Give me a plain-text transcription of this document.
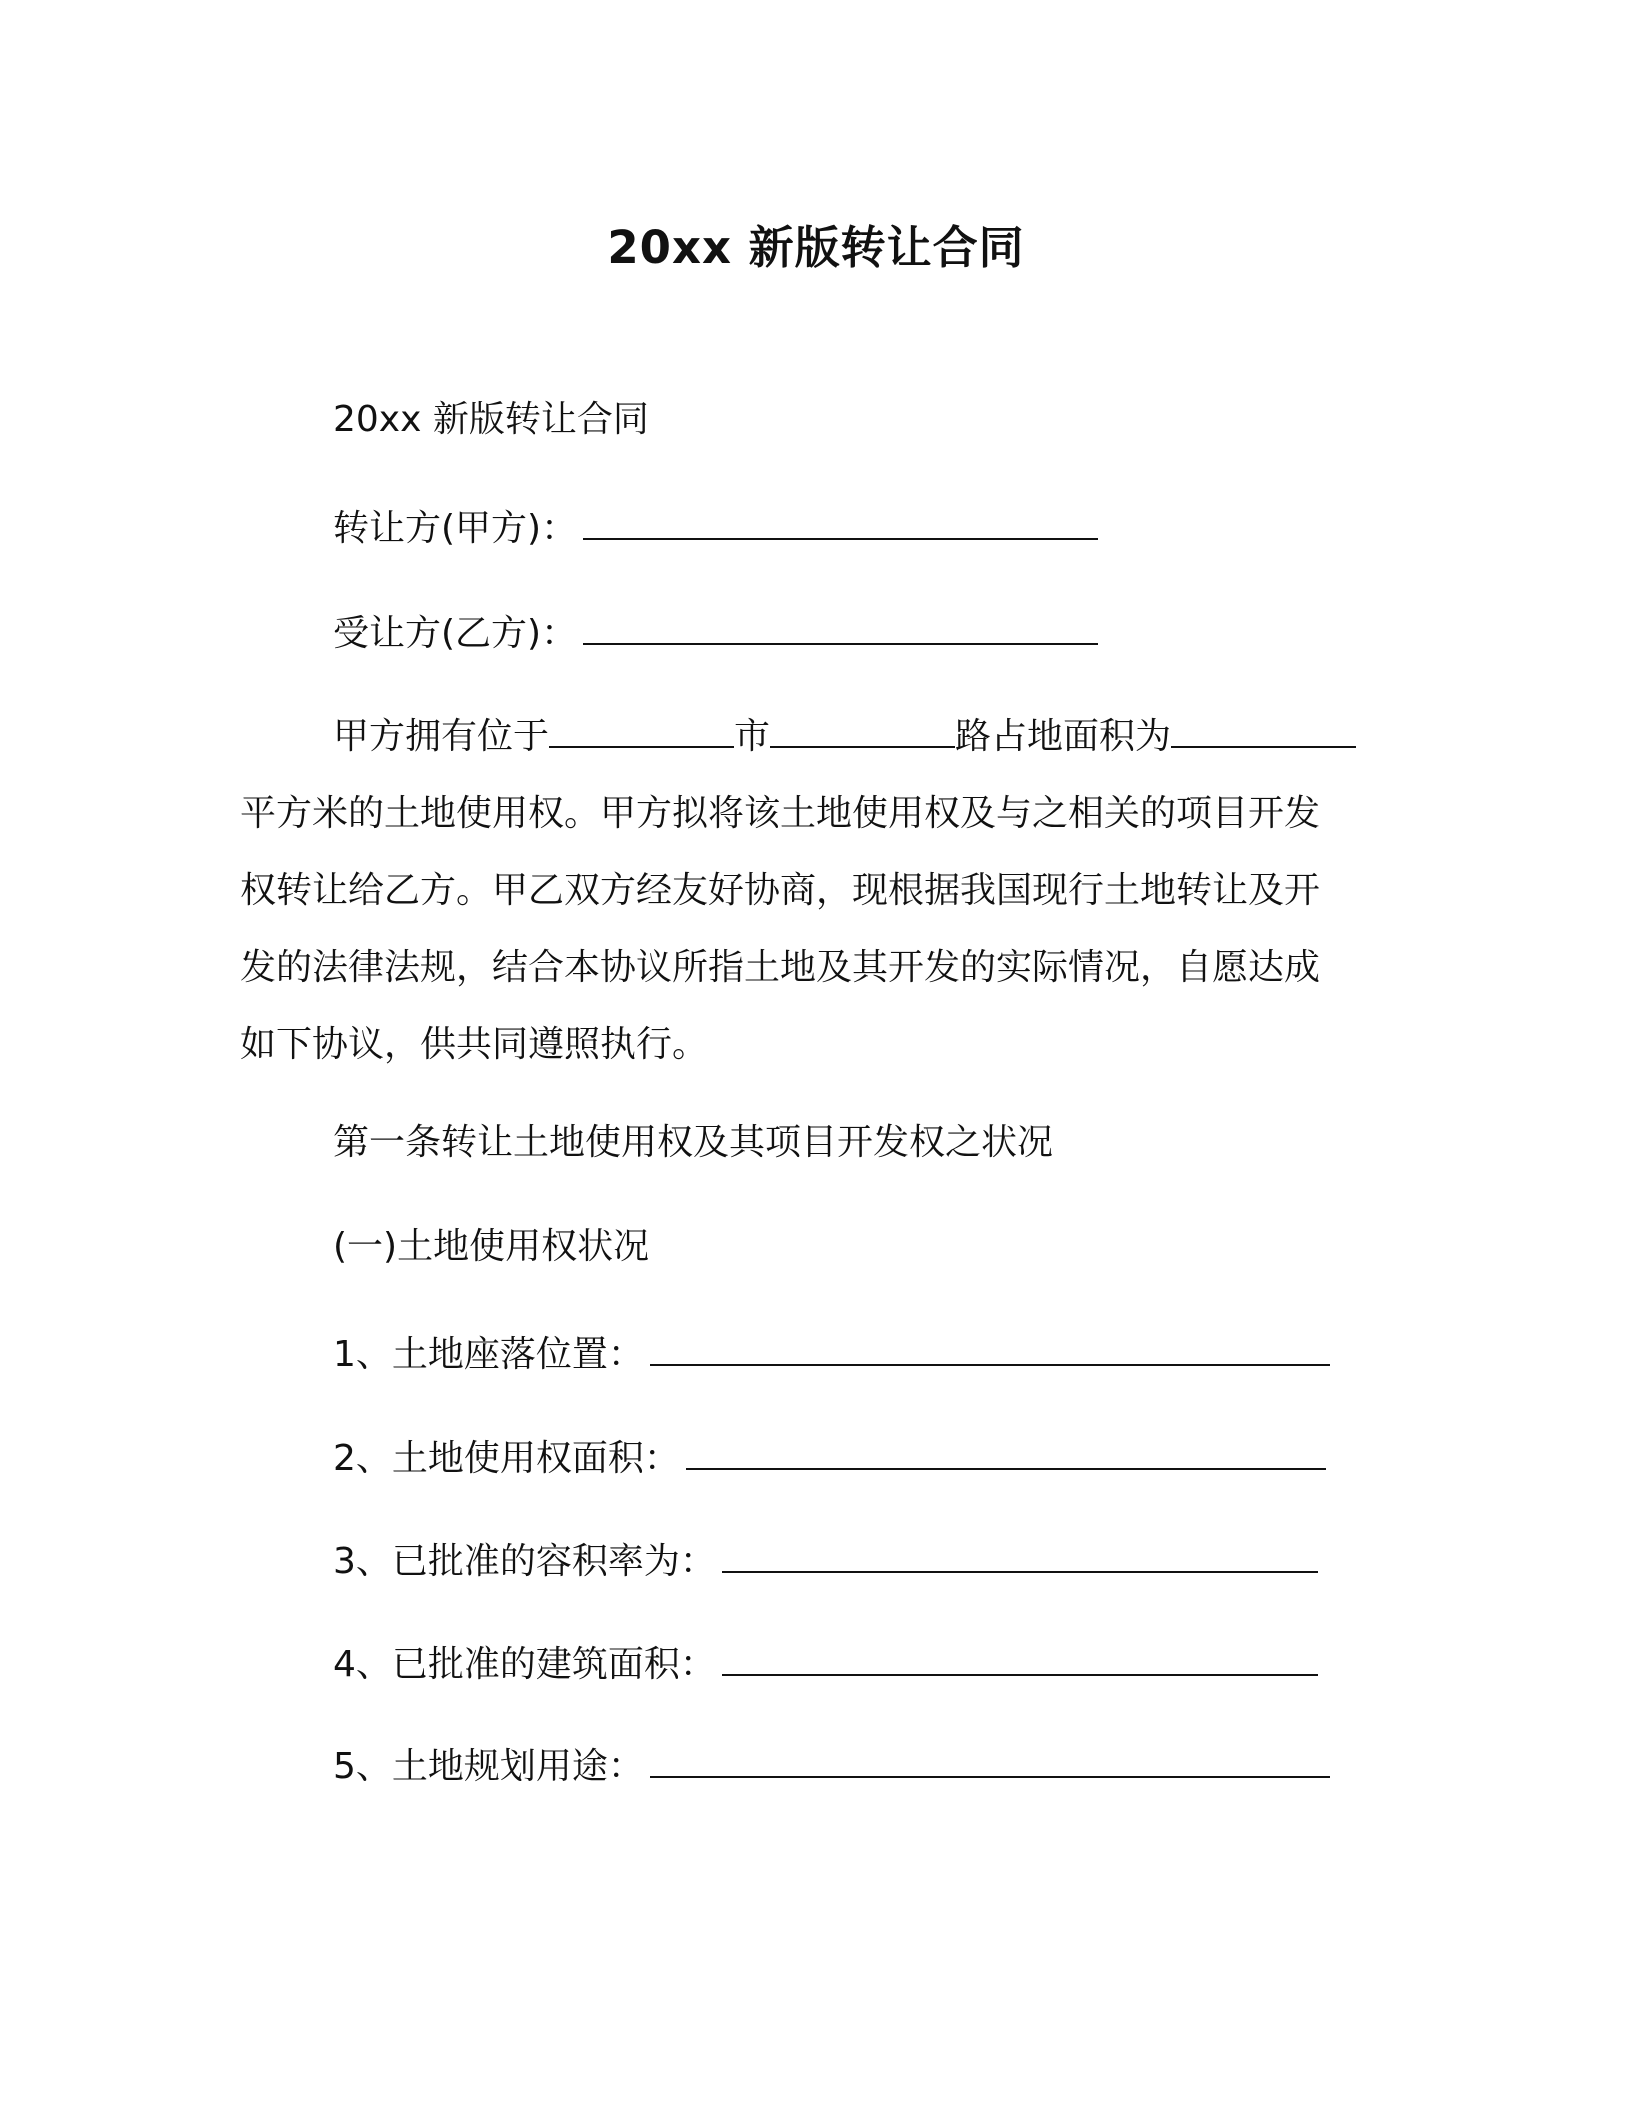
20xx 新版转让合同
20xx 新版转让合同
转让方(甲方)：
受让方(乙方)：
甲方拥有位于	市	路占地面积为
平方米的土地使用权。甲方拟将该土地使用权及与之相关的项目开发
权转让给乙方。甲乙双方经友好协商，现根据我国现行土地转让及开
发的法律法规，结合本协议所指土地及其开发的实际情况，自愿达成
如下协议，供共同遵照执行。
第一条转让土地使用权及其项目开发权之状况
(一)土地使用权状况
1、土地座落位置：
2、土地使用权面积：
3、已批准的容积率为：
4、已批准的建筑面积：
5、土地规划用途：
